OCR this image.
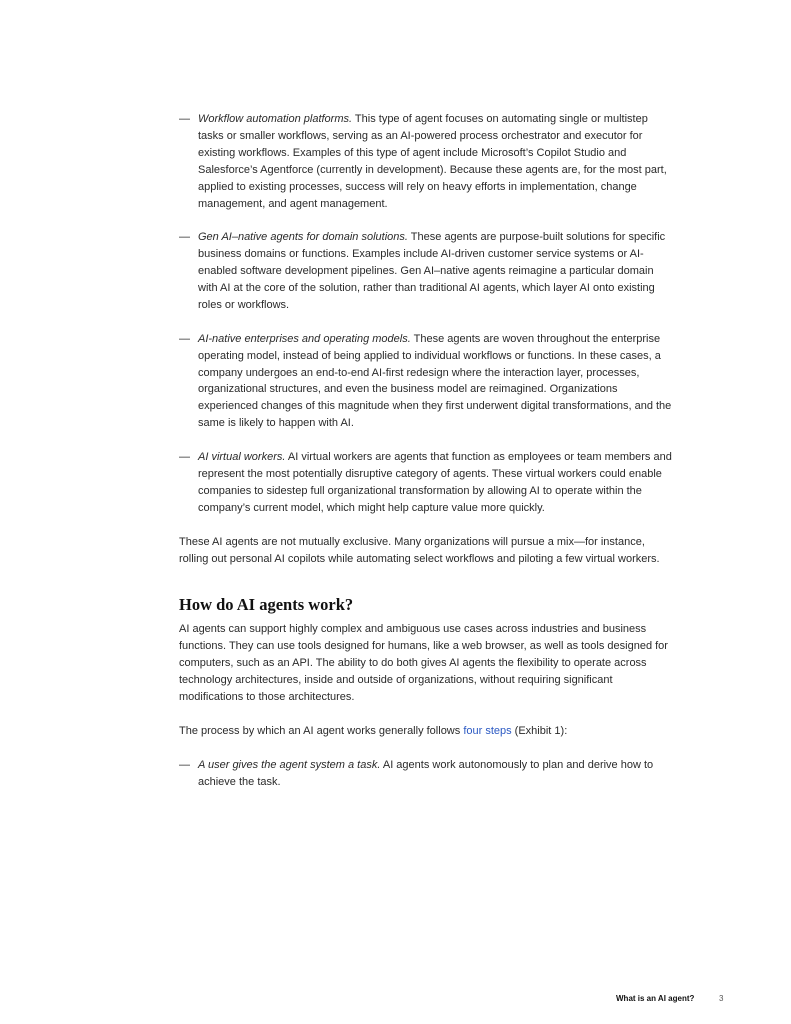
— Workflow automation platforms. This type of agent focuses on automating single or multistep tasks or smaller workflows, serving as an AI-powered process orchestrator and executor for existing workflows. Examples of this type of agent include Microsoft’s Copilot Studio and Salesforce’s Agentforce (currently in development). Because these agents are, for the most part, applied to existing processes, success will rely on heavy efforts in implementation, change management, and agent management.
— Gen AI–native agents for domain solutions. These agents are purpose-built solutions for specific business domains or functions. Examples include AI-driven customer service systems or AI-enabled software development pipelines. Gen AI–native agents reimagine a particular domain with AI at the core of the solution, rather than traditional AI agents, which layer AI onto existing roles or workflows.
— AI-native enterprises and operating models. These agents are woven throughout the enterprise operating model, instead of being applied to individual workflows or functions. In these cases, a company undergoes an end-to-end AI-first redesign where the interaction layer, processes, organizational structures, and even the business model are reimagined. Organizations experienced changes of this magnitude when they first underwent digital transformations, and the same is likely to happen with AI.
— AI virtual workers. AI virtual workers are agents that function as employees or team members and represent the most potentially disruptive category of agents. These virtual workers could enable companies to sidestep full organizational transformation by allowing AI to operate within the company’s current model, which might help capture value more quickly.

These AI agents are not mutually exclusive. Many organizations will pursue a mix—for instance, rolling out personal AI copilots while automating select workflows and piloting a few virtual workers.

How do AI agents work?

AI agents can support highly complex and ambiguous use cases across industries and business functions. They can use tools designed for humans, like a web browser, as well as tools designed for computers, such as an API. The ability to do both gives AI agents the flexibility to operate across technology architectures, inside and outside of organizations, without requiring significant modifications to those architectures.

The process by which an AI agent works generally follows four steps (Exhibit 1):

— A user gives the agent system a task. AI agents work autonomously to plan and derive how to achieve the task.
What is an AI agent?	3
